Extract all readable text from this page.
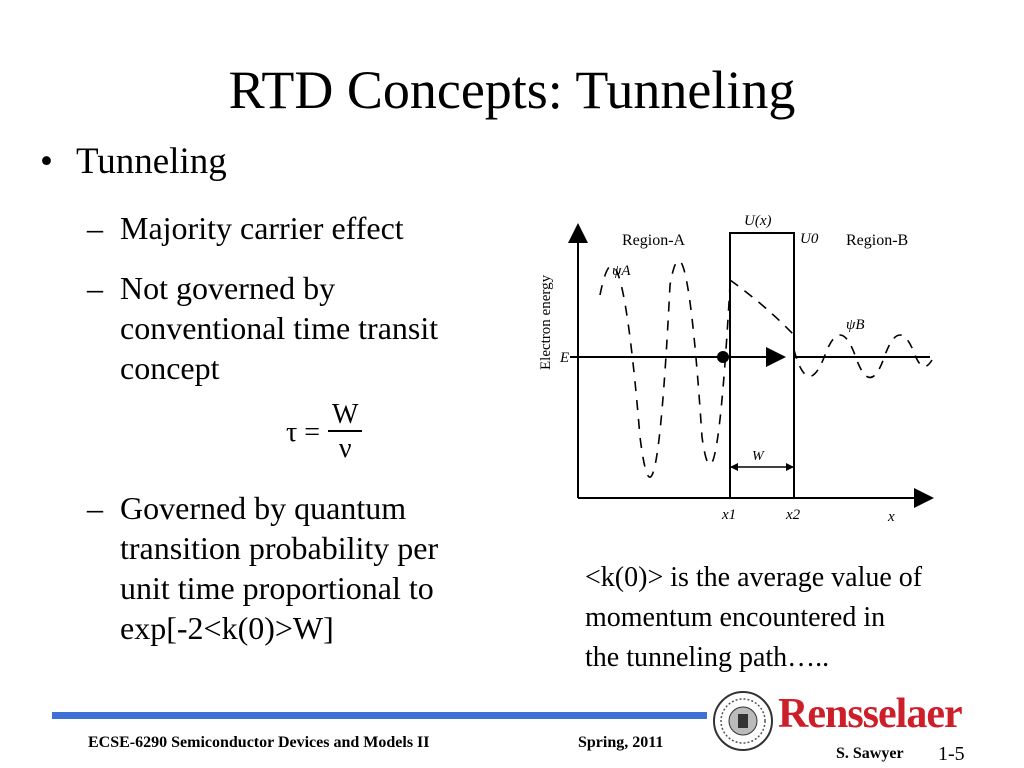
RTD Concepts: Tunneling
• Tunneling
– Majority carrier effect
– Not governed by
conventional time transit
concept
$\tau = \frac{W}{\nu}$
– Governed by quantum
transition probability per
unit time proportional to
exp[-2<k(0)>W]
Electron energy E
Region-A	Region-B
U(x)
U0
ψA
ψB
W
x1	x2	x
<k(0)> is the average value of
momentum encountered in
the tunneling path…..
ECSE-6290 Semiconductor Devices and Models II	Spring, 2011
S. Sawyer 1-5
Rensselaer
